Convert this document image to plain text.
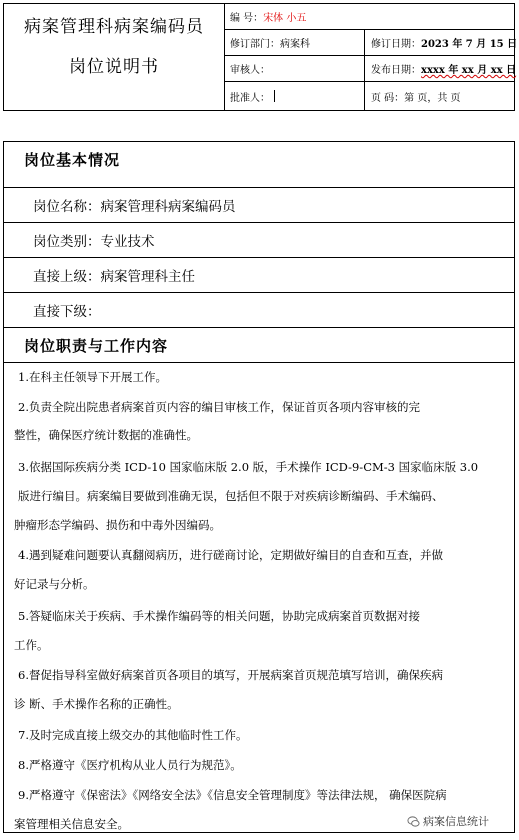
病案管理科病案编码员
岗位说明书
编 号： 宋体 小五
修订部门： 病案科	修订日期： 2023 年 7 月 15 日
审核人：	发布日期： xxxx 年 xx 月 xx 日
批准人：	页 码：第 页，共 页
岗位基本情况
岗位名称：病案管理科病案编码员
岗位类别：专业技术
直接上级：病案管理科主任
直接下级：
岗位职责与工作内容
1.在科主任领导下开展工作。
2.负责全院出院患者病案首页内容的编目审核工作，保证首页各项内容审核的完
整性，确保医疗统计数据的准确性。
3.依据国际疾病分类 ICD-10 国家临床版 2.0 版，手术操作 ICD-9-CM-3 国家临床版 3.0
版进行编目。病案编目要做到准确无误，包括但不限于对疾病诊断编码、手术编码、
肿瘤形态学编码、损伤和中毒外因编码。
4.遇到疑难问题要认真翻阅病历，进行磋商讨论，定期做好编目的自查和互查，并做
好记录与分析。
5.答疑临床关于疾病、手术操作编码等的相关问题，协助完成病案首页数据对接
工作。
6.督促指导科室做好病案首页各项目的填写，开展病案首页规范填写培训，确保疾病
诊 断、手术操作名称的正确性。
7.及时完成直接上级交办的其他临时性工作。
8.严格遵守《医疗机构从业人员行为规范》。
9.严格遵守《保密法》《网络安全法》《信息安全管理制度》等法律法规， 确保医院病
案管理相关信息安全。	病案信息统计
